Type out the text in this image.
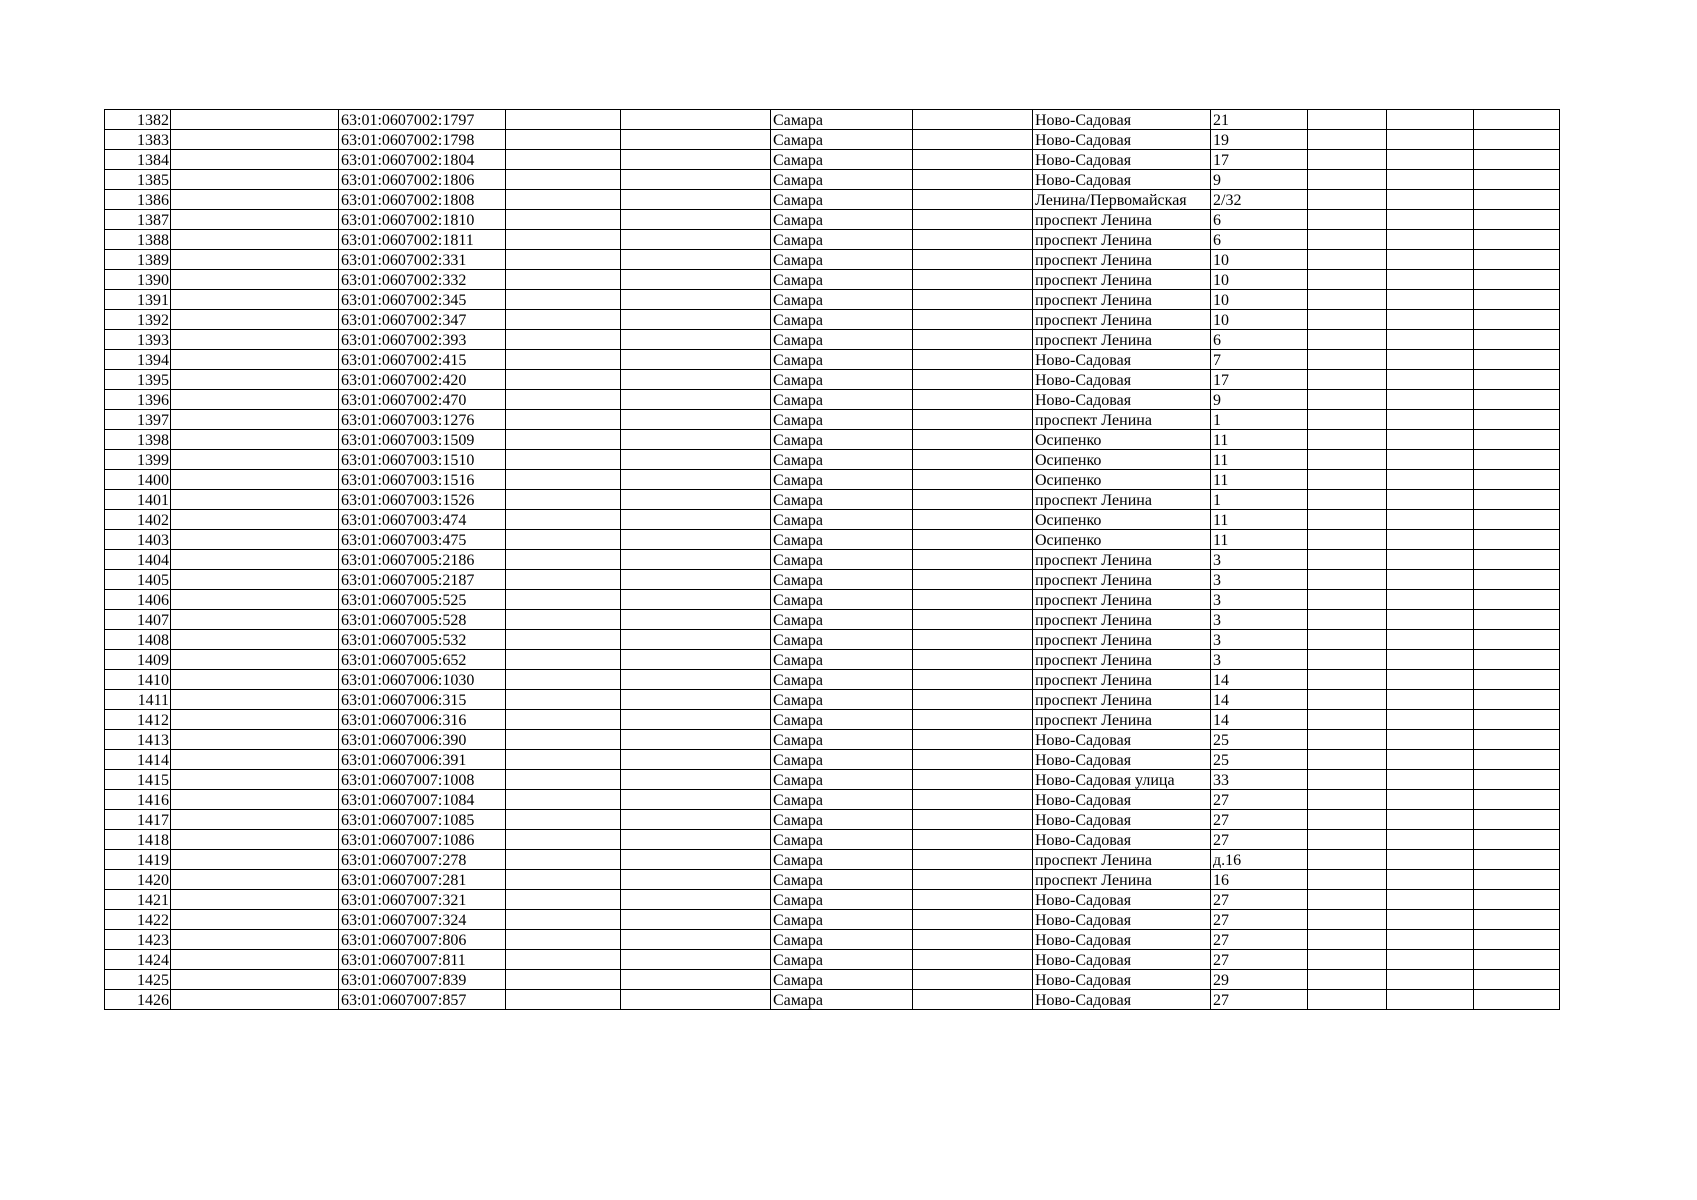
1382		63:01:0607002:1797			Самара		Ново-Садовая	21			
1383		63:01:0607002:1798			Самара		Ново-Садовая	19			
1384		63:01:0607002:1804			Самара		Ново-Садовая	17			
1385		63:01:0607002:1806			Самара		Ново-Садовая	9			
1386		63:01:0607002:1808			Самара		Ленина/Первомайская	2/32			
1387		63:01:0607002:1810			Самара		проспект Ленина	6			
1388		63:01:0607002:1811			Самара		проспект Ленина	6			
1389		63:01:0607002:331			Самара		проспект Ленина	10			
1390		63:01:0607002:332			Самара		проспект Ленина	10			
1391		63:01:0607002:345			Самара		проспект Ленина	10			
1392		63:01:0607002:347			Самара		проспект Ленина	10			
1393		63:01:0607002:393			Самара		проспект Ленина	6			
1394		63:01:0607002:415			Самара		Ново-Садовая	7			
1395		63:01:0607002:420			Самара		Ново-Садовая	17			
1396		63:01:0607002:470			Самара		Ново-Садовая	9			
1397		63:01:0607003:1276			Самара		проспект Ленина	1			
1398		63:01:0607003:1509			Самара		Осипенко	11			
1399		63:01:0607003:1510			Самара		Осипенко	11			
1400		63:01:0607003:1516			Самара		Осипенко	11			
1401		63:01:0607003:1526			Самара		проспект Ленина	1			
1402		63:01:0607003:474			Самара		Осипенко	11			
1403		63:01:0607003:475			Самара		Осипенко	11			
1404		63:01:0607005:2186			Самара		проспект Ленина	3			
1405		63:01:0607005:2187			Самара		проспект Ленина	3			
1406		63:01:0607005:525			Самара		проспект Ленина	3			
1407		63:01:0607005:528			Самара		проспект Ленина	3			
1408		63:01:0607005:532			Самара		проспект Ленина	3			
1409		63:01:0607005:652			Самара		проспект Ленина	3			
1410		63:01:0607006:1030			Самара		проспект Ленина	14			
1411		63:01:0607006:315			Самара		проспект Ленина	14			
1412		63:01:0607006:316			Самара		проспект Ленина	14			
1413		63:01:0607006:390			Самара		Ново-Садовая	25			
1414		63:01:0607006:391			Самара		Ново-Садовая	25			
1415		63:01:0607007:1008			Самара		Ново-Садовая улица	33			
1416		63:01:0607007:1084			Самара		Ново-Садовая	27			
1417		63:01:0607007:1085			Самара		Ново-Садовая	27			
1418		63:01:0607007:1086			Самара		Ново-Садовая	27			
1419		63:01:0607007:278			Самара		проспект Ленина	д.16			
1420		63:01:0607007:281			Самара		проспект Ленина	16			
1421		63:01:0607007:321			Самара		Ново-Садовая	27			
1422		63:01:0607007:324			Самара		Ново-Садовая	27			
1423		63:01:0607007:806			Самара		Ново-Садовая	27			
1424		63:01:0607007:811			Самара		Ново-Садовая	27			
1425		63:01:0607007:839			Самара		Ново-Садовая	29			
1426		63:01:0607007:857			Самара		Ново-Садовая	27			
